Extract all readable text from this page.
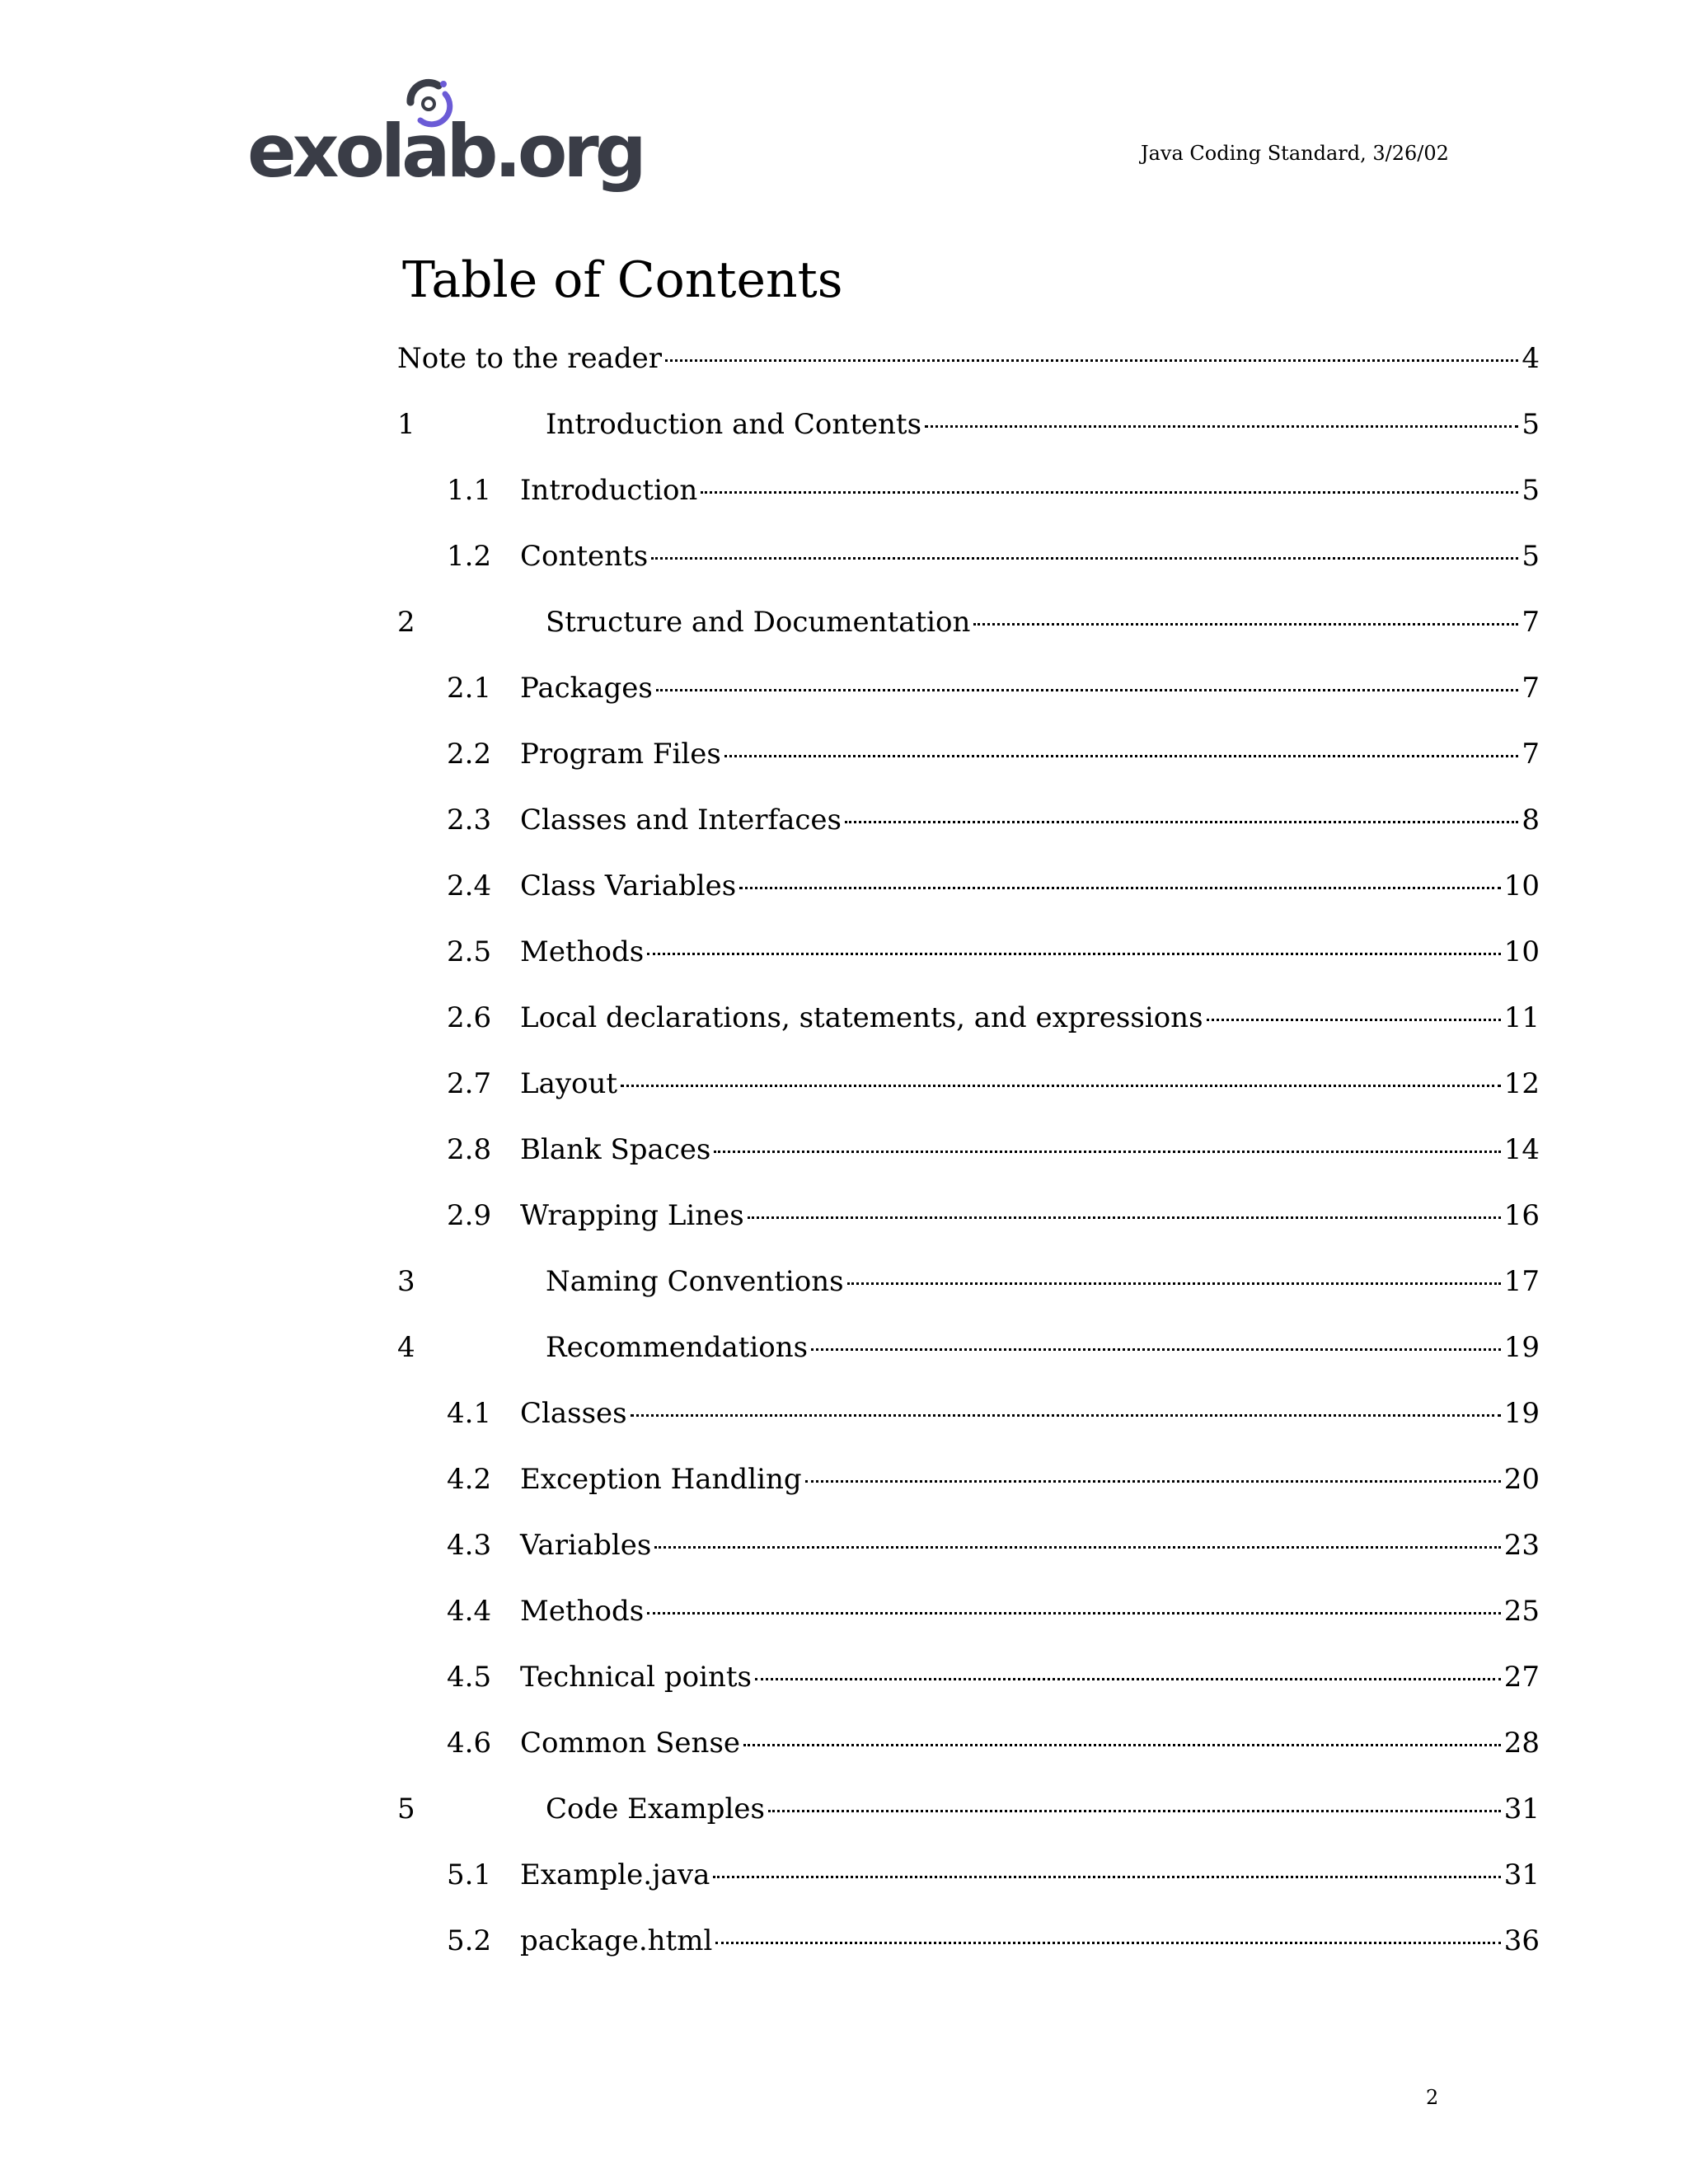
exolab.org	Java Coding Standard, 3/26/02
Table of Contents
Note to the reader	4
1	Introduction and Contents	5
1.1	Introduction	5
1.2	Contents	5
2	Structure and Documentation	7
2.1	Packages	7
2.2	Program Files	7
2.3	Classes and Interfaces	8
2.4	Class Variables	10
2.5	Methods	10
2.6	Local declarations, statements, and expressions	11
2.7	Layout	12
2.8	Blank Spaces	14
2.9	Wrapping Lines	16
3	Naming Conventions	17
4	Recommendations	19
4.1	Classes	19
4.2	Exception Handling	20
4.3	Variables	23
4.4	Methods	25
4.5	Technical points	27
4.6	Common Sense	28
5	Code Examples	31
5.1	Example.java	31
5.2	package.html	36
2
